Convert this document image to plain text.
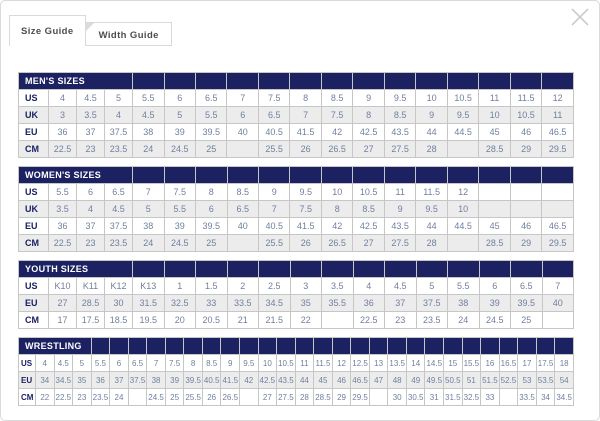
Size Guide	Width Guide
MEN'S SIZES																	
US	4	4.5	5	5.5	6	6.5	7	7.5	8	8.5	9	9.5	10	10.5	11	11.5	12
UK	3	3.5	4	4.5	5	5.5	6	6.5	7	7.5	8	8.5	9	9.5	10	10.5	11
EU	36	37	37.5	38	39	39.5	40	40.5	41.5	42	42.5	43.5	44	44.5	45	46	46.5
CM	22.5	23	23.5	24	24.5	25		25.5	26	26.5	27	27.5	28		28.5	29	29.5
WOMEN'S SIZES																	
US	5.5	6	6.5	7	7.5	8	8.5	9	9.5	10	10.5	11	11.5	12			
UK	3.5	4	4.5	5	5.5	6	6.5	7	7.5	8	8.5	9	9.5	10			
EU	36	37	37.5	38	39	39.5	40	40.5	41.5	42	42.5	43.5	44	44.5	45	46	46.5
CM	22.5	23	23.5	24	24.5	25		25.5	26	26.5	27	27.5	28		28.5	29	29.5
YOUTH SIZES																	
US	K10	K11	K12	K13	1	1.5	2	2.5	3	3.5	4	4.5	5	5.5	6	6.5	7
EU	27	28.5	30	31.5	32.5	33	33.5	34.5	35	35.5	36	37	37.5	38	39	39.5	40
CM	17	17.5	18.5	19.5	20	20.5	21	21.5	22		22.5	23	23.5	24	24.5	25	
WRESTLING																													
US	4	4.5	5	5.5	6	6.5	7	7.5	8	8.5	9	9.5	10	10.5	11	11.5	12	12.5	13	13.5	14	14.5	15	15.5	16	16.5	17	17.5	18
EU	34	34.5	35	36	37	37.5	38	39	39.5	40.5	41.5	42	42.5	43.5	44	45	46	46.5	47	48	49	49.5	50.5	51	51.5	52.5	53	53.5	54
CM	22	22.5	23	23.5	24		24.5	25	25.5	26	26.5		27	27.5	28	28.5	29	29.5		30	30.5	31	31.5	32.5	33		33.5	34	34.5
